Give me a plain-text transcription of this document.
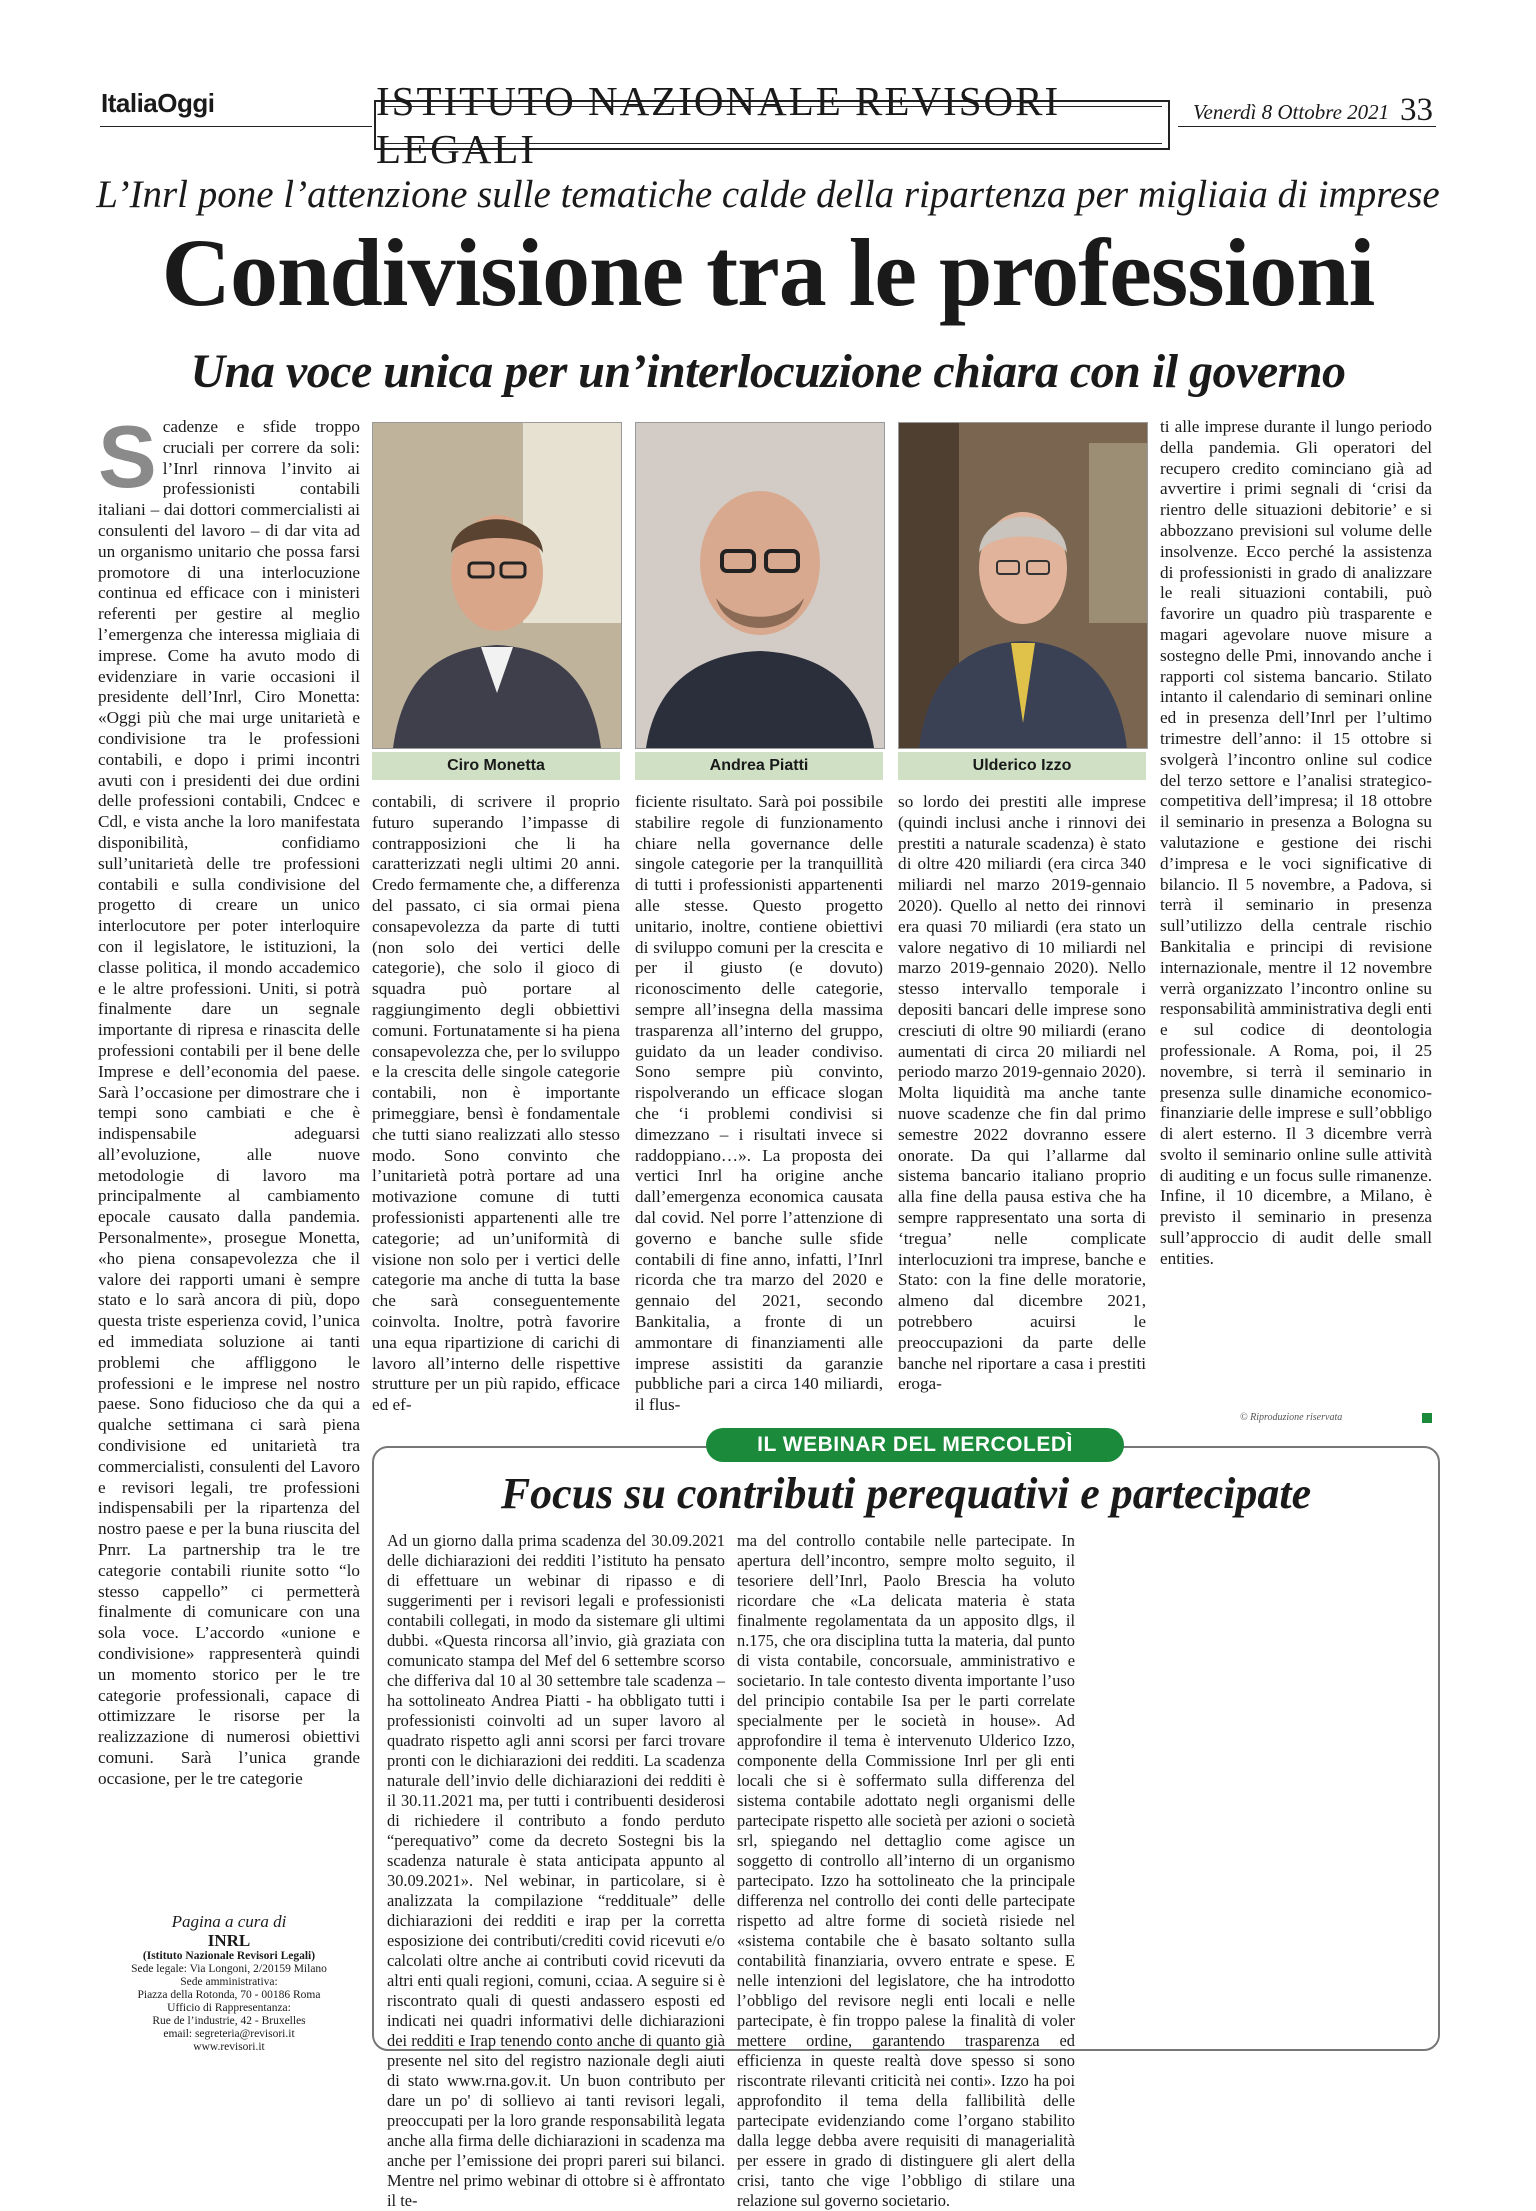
ItaliaOggi	ISTITUTO NAZIONALE REVISORI LEGALI
Venerdì 8 Ottobre 2021 33
L’Inrl pone l’attenzione sulle tematiche calde della ripartenza per migliaia di imprese
Condivisione tra le professioni
Una voce unica per un’interlocuzione chiara con il governo
S cadenze e sfide troppo cruciali per correre da soli: l’Inrl rinnova l’invito ai professionisti contabili italiani – dai dottori commercialisti ai consulenti del lavoro – di dar vita ad un organismo unitario che possa farsi promotore di una interlocuzione continua ed efficace con i ministeri referenti per gestire al meglio l’emergenza che interessa migliaia di imprese. Come ha avuto modo di evidenziare in varie occasioni il presidente dell’Inrl, Ciro Monetta: «Oggi più che mai urge unitarietà e condivisione tra le professioni contabili, e dopo i primi incontri avuti con i presidenti dei due ordini delle professioni contabili, Cndcec e Cdl, e vista anche la loro manifestata disponibilità, confidiamo sull’unitarietà delle tre professioni contabili e sulla condivisione del progetto di creare un unico interlocutore per poter interloquire con il legislatore, le istituzioni, la classe politica, il mondo accademico e le altre professioni. Uniti, si potrà finalmente dare un segnale importante di ripresa e rinascita delle professioni contabili per il bene delle Imprese e dell’economia del paese. Sarà l’occasione per dimostrare che i tempi sono cambiati e che è indispensabile adeguarsi all’evoluzione, alle nuove metodologie di lavoro ma principalmente al cambiamento epocale causato dalla pandemia. Personalmente», prosegue Monetta, «ho piena consapevolezza che il valore dei rapporti umani è sempre stato e lo sarà ancora di più, dopo questa triste esperienza covid, l’unica ed immediata soluzione ai tanti problemi che affliggono le professioni e le imprese nel nostro paese. Sono fiducioso che da qui a qualche settimana ci sarà piena condivisione ed unitarietà tra commercialisti, consulenti del Lavoro e revisori legali, tre professioni indispensabili per la ripartenza del nostro paese e per la buna riuscita del Pnrr. La partnership tra le tre categorie contabili riunite sotto “lo stesso cappello” ci permetterà finalmente di comunicare con una sola voce. L’accordo «unione e condivisione» rappresenterà quindi un momento storico per le tre categorie professionali, capace di ottimizzare le risorse per la realizzazione di numerosi obiettivi comuni. Sarà l’unica grande occasione, per le tre categorie

Ciro Monetta	Andrea Piatti	Ulderico Izzo

contabili, di scrivere il proprio futuro superando l’impasse di contrapposizioni che li ha caratterizzati negli ultimi 20 anni. Credo fermamente che, a differenza del passato, ci sia ormai piena consapevolezza da parte di tutti (non solo dei vertici delle categorie), che solo il gioco di squadra può portare al raggiungimento degli obbiettivi comuni. Fortunatamente si ha piena consapevolezza che, per lo sviluppo e la crescita delle singole categorie contabili, non è importante primeggiare, bensì è fondamentale che tutti siano realizzati allo stesso modo. Sono convinto che l’unitarietà potrà portare ad una motivazione comune di tutti professionisti appartenenti alle tre categorie; ad un’uniformità di visione non solo per i vertici delle categorie ma anche di tutta la base che sarà conseguentemente coinvolta. Inoltre, potrà favorire una equa ripartizione di carichi di lavoro all’interno delle rispettive strutture per un più rapido, efficace ed ef-

ficiente risultato. Sarà poi possibile stabilire regole di funzionamento chiare nella governance delle singole categorie per la tranquillità di tutti i professionisti appartenenti alle stesse. Questo progetto unitario, inoltre, contiene obiettivi di sviluppo comuni per la crescita e per il giusto (e dovuto) riconoscimento delle categorie, sempre all’insegna della massima trasparenza all’interno del gruppo, guidato da un leader condiviso. Sono sempre più convinto, rispolverando un efficace slogan che ‘i problemi condivisi si dimezzano – i risultati invece si raddoppiano…». La proposta dei vertici Inrl ha origine anche dall’emergenza economica causata dal covid. Nel porre l’attenzione di governo e banche sulle sfide contabili di fine anno, infatti, l’Inrl ricorda che tra marzo del 2020 e gennaio del 2021, secondo Bankitalia, a fronte di un ammontare di finanziamenti alle imprese assistiti da garanzie pubbliche pari a circa 140 miliardi, il flus-

so lordo dei prestiti alle imprese (quindi inclusi anche i rinnovi dei prestiti a naturale scadenza) è stato di oltre 420 miliardi (era circa 340 miliardi nel marzo 2019-gennaio 2020). Quello al netto dei rinnovi era quasi 70 miliardi (era stato un valore negativo di 10 miliardi nel marzo 2019-gennaio 2020). Nello stesso intervallo temporale i depositi bancari delle imprese sono cresciuti di oltre 90 miliardi (erano aumentati di circa 20 miliardi nel periodo marzo 2019-gennaio 2020). Molta liquidità ma anche tante nuove scadenze che fin dal primo semestre 2022 dovranno essere onorate. Da qui l’allarme dal sistema bancario italiano proprio alla fine della pausa estiva che ha sempre rappresentato una sorta di ‘tregua’ nelle complicate interlocuzioni tra imprese, banche e Stato: con la fine delle moratorie, almeno dal dicembre 2021, potrebbero acuirsi le preoccupazioni da parte delle banche nel riportare a casa i prestiti eroga-

ti alle imprese durante il lungo periodo della pandemia. Gli operatori del recupero credito cominciano già ad avvertire i primi segnali di ‘crisi da rientro delle situazioni debitorie’ e si abbozzano previsioni sul volume delle insolvenze. Ecco perché la assistenza di professionisti in grado di analizzare le reali situazioni contabili, può favorire un quadro più trasparente e magari agevolare nuove misure a sostegno delle Pmi, innovando anche i rapporti col sistema bancario. Stilato intanto il calendario di seminari online ed in presenza dell’Inrl per l’ultimo trimestre dell’anno: il 15 ottobre si svolgerà l’incontro online sul codice del terzo settore e l’analisi strategico-competitiva dell’impresa; il 18 ottobre il seminario in presenza a Bologna su valutazione e gestione dei rischi d’impresa e le voci significative di bilancio. Il 5 novembre, a Padova, si terrà il seminario in presenza sull’utilizzo della centrale rischio Bankitalia e principi di revisione internazionale, mentre il 12 novembre verrà organizzato l’incontro online su responsabilità amministrativa degli enti e sul codice di deontologia professionale. A Roma, poi, il 25 novembre, si terrà il seminario in presenza sulle dinamiche economico-finanziarie delle imprese e sull’obbligo di alert esterno. Il 3 dicembre verrà svolto il seminario online sulle attività di auditing e un focus sulle rimanenze. Infine, il 10 dicembre, a Milano, è previsto il seminario in presenza sull’approccio di audit delle small entities.

© Riproduzione riservata
IL WEBINAR DEL MERCOLEDÌ
Focus su contributi perequativi e partecipate

Ad un giorno dalla prima scadenza del 30.09.2021 delle dichiarazioni dei redditi l’istituto ha pensato di effettuare un webinar di ripasso e di suggerimenti per i revisori legali e professionisti contabili collegati, in modo da sistemare gli ultimi dubbi. «Questa rincorsa all’invio, già graziata con comunicato stampa del Mef del 6 settembre scorso che differiva dal 10 al 30 settembre tale scadenza – ha sottolineato Andrea Piatti - ha obbligato tutti i professionisti coinvolti ad un super lavoro al quadrato rispetto agli anni scorsi per farci trovare pronti con le dichiarazioni dei redditi. La scadenza naturale dell’invio delle dichiarazioni dei redditi è il 30.11.2021 ma, per tutti i contribuenti desiderosi di richiedere il contributo a fondo perduto “perequativo” come da decreto Sostegni bis la scadenza naturale è stata anticipata appunto al 30.09.2021». Nel webinar, in particolare, si è analizzata la compilazione “reddituale” delle dichiarazioni dei redditi e irap per la corretta esposizione dei contributi/crediti covid ricevuti e/o calcolati oltre anche ai contributi covid ricevuti da altri enti quali regioni, comuni, cciaa. A seguire si è riscontrato quali di questi andassero esposti ed indicati nei quadri informativi delle dichiarazioni dei redditi e Irap tenendo conto anche di quanto già presente nel sito del registro nazionale degli aiuti di stato www.rna.gov.it. Un buon contributo per dare un po' di sollievo ai tanti revisori legali, preoccupati per la loro grande responsabilità legata anche alla firma delle dichiarazioni in scadenza ma anche per l’emissione dei propri pareri sui bilanci. Mentre nel primo webinar di ottobre si è affrontato il te-

ma del controllo contabile nelle partecipate. In apertura dell’incontro, sempre molto seguito, il tesoriere dell’Inrl, Paolo Brescia ha voluto ricordare che «La delicata materia è stata finalmente regolamentata da un apposito dlgs, il n.175, che ora disciplina tutta la materia, dal punto di vista contabile, concorsuale, amministrativo e societario. In tale contesto diventa importante l’uso del principio contabile Isa per le parti correlate specialmente per le società in house». Ad approfondire il tema è intervenuto Ulderico Izzo, componente della Commissione Inrl per gli enti locali che si è soffermato sulla differenza del sistema contabile adottato negli organismi delle partecipate rispetto alle società per azioni o società srl, spiegando nel dettaglio come agisce un soggetto di controllo all’interno di un organismo partecipato. Izzo ha sottolineato che la principale differenza nel controllo dei conti delle partecipate rispetto ad altre forme di società risiede nel «sistema contabile che è basato soltanto sulla contabilità finanziaria, ovvero entrate e spese. E nelle intenzioni del legislatore, che ha introdotto l’obbligo del revisore negli enti locali e nelle partecipate, è fin troppo palese la finalità di voler mettere ordine, garantendo trasparenza ed efficienza in queste realtà dove spesso si sono riscontrate rilevanti criticità nei conti». Izzo ha poi approfondito il tema della fallibilità delle partecipate evidenziando come l’organo stabilito dalla legge debba avere requisiti di managerialità per essere in grado di distinguere gli alert della crisi, tanto che vige l’obbligo di stilare una relazione sul governo societario.

Pagina a cura di
INRL
(Istituto Nazionale Revisori Legali)
Sede legale: Via Longoni, 2/20159 Milano
Sede amministrativa:
Piazza della Rotonda, 70 - 00186 Roma
Ufficio di Rappresentanza:
Rue de l’industrie, 42 - Bruxelles
email: segreteria@revisori.it
www.revisori.it
